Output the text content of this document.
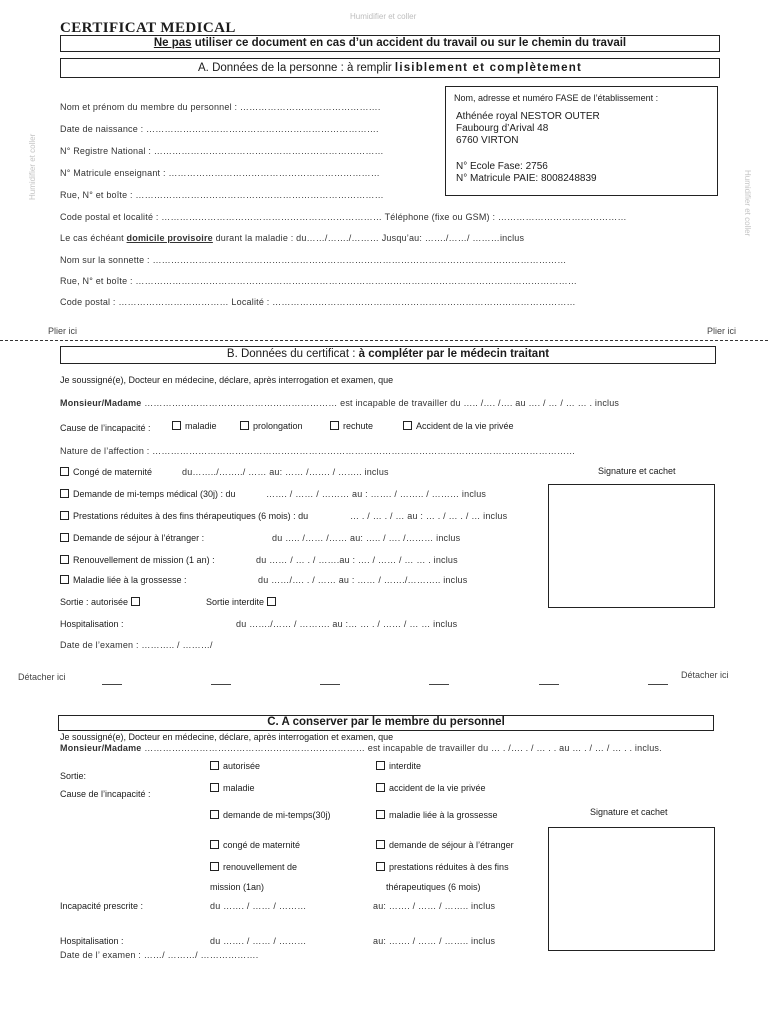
Humidifier et coller
Humidifier et coller
Humidifier et coller
CERTIFICAT MEDICAL
Ne pas utiliser ce document en cas d’un accident du travail ou sur le chemin du travail
A. Données de la personne : à remplir lisiblement et complètement
Nom et prénom du membre du personnel : ……………………………………….
Date de naissance : ………………………………………………………………….
N° Registre National : …………………………………………………………………
N° Matricule enseignant : ……………………………………………………………
Rue, N° et boîte : ………………………………………………………………………
Code postal et localité : ……………………………………………………………… Téléphone (fixe ou GSM) : ……………………………………
Le cas échéant domicile provisoire durant la maladie : du……/……./……… Jusqu’au: ……./……/ ………inclus
Nom sur la sonnette : ………………………………………………………………………………………………………………………
Rue, N° et boîte : ………………………………………………………………………………………………………………………………
Code postal : ……………………………… Localité : ………………………………………………………………………………………
Nom, adresse et numéro FASE de l’établissement :
Athénée royal NESTOR OUTER
Faubourg d’Arival 48
6760 VIRTON
N° Ecole Fase: 2756
N° Matricule PAIE: 8008248839
Plier ici	Plier ici
B. Données du certificat : à compléter par le médecin traitant
Je soussigné(e), Docteur en médecine, déclare, après interrogation et examen, que
Monsieur/Madame ……………………………………………………… est incapable de travailler du ….. /…. /…. au …. / … / … … . inclus
Cause de l’incapacité :	maladie	prolongation	rechute	Accident de la vie privée
Nature de l’affection : …………………………………………………………………………………………………………………………
Congé de maternité	du……../……../ …… au: …… /……. / …….. inclus
Demande de mi-temps médical (30j) : du	……. / …… / ……… au : ……. / …….. / ……… inclus
Prestations réduites à des fins thérapeutiques (6 mois) : du	… . / … . / … au : … . / … . / … inclus
Demande de séjour à l’étranger :	du ….. /…… /…… au: ….. / …. /……… inclus
Renouvellement de mission (1 an) :	du …… / … . / …….au : …. / …… / … … . inclus
Maladie liée à la grossesse :	du ……/…. . / …… au : …… / ……./……….. inclus
Sortie : autorisée	Sortie interdite
Hospitalisation :	du ……./…… / ………. au :… … . / …… / … … inclus
Date de l’examen : ……….. / ………/
Signature et cachet
Détacher ici	Détacher ici
C. A conserver par le membre du personnel
Je soussigné(e), Docteur en médecine, déclare, après interrogation et examen, que
Monsieur/Madame ……………………………………………………………… est incapable de travailler du … . /…. . / … . . au … . / … / … . . inclus.
Sortie:
Cause de l’incapacité :
autorisée
maladie
demande de mi-temps(30j)
congé de maternité
renouvellement de
mission (1an)
interdite
accident de la vie privée
maladie liée à la grossesse
demande de séjour à l’étranger
prestations réduites à des fins
thérapeutiques (6 mois)
Incapacité prescrite :	du ……. / …… / ………	au: ……. / …… / …….. inclus
Hospitalisation :	du ……. / …… / ………	au: ……. / …… / …….. inclus
Date de l’ examen : ……/ ………/ ……………….
Signature et cachet
